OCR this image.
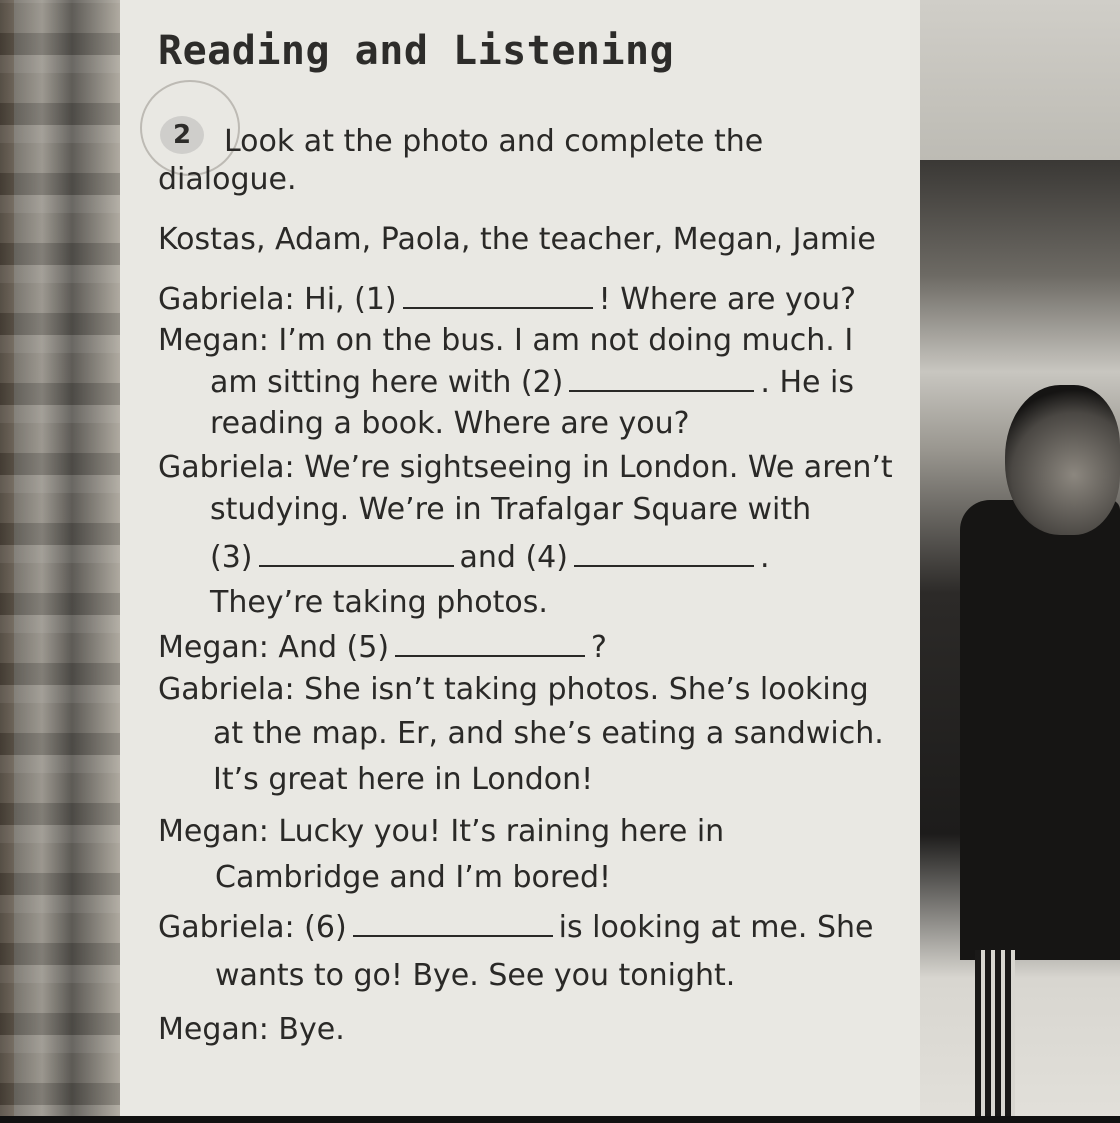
Reading and Listening
2	Look at the photo and complete the
dialogue.
Kostas, Adam, Paola, the teacher, Megan, Jamie
Gabriela: Hi, (1)	! Where are you?
Megan: I’m on the bus. I am not doing much. I
am sitting here with (2)	. He is
reading a book. Where are you?
Gabriela: We’re sightseeing in London. We aren’t
studying. We’re in Trafalgar Square with
(3)	and (4)	.
They’re taking photos.
Megan: And (5)	?
Gabriela: She isn’t taking photos. She’s looking
at the map. Er, and she’s eating a sandwich.
It’s great here in London!
Megan: Lucky you! It’s raining here in
Cambridge and I’m bored!
Gabriela: (6)	is looking at me. She
wants to go! Bye. See you tonight.
Megan: Bye.
